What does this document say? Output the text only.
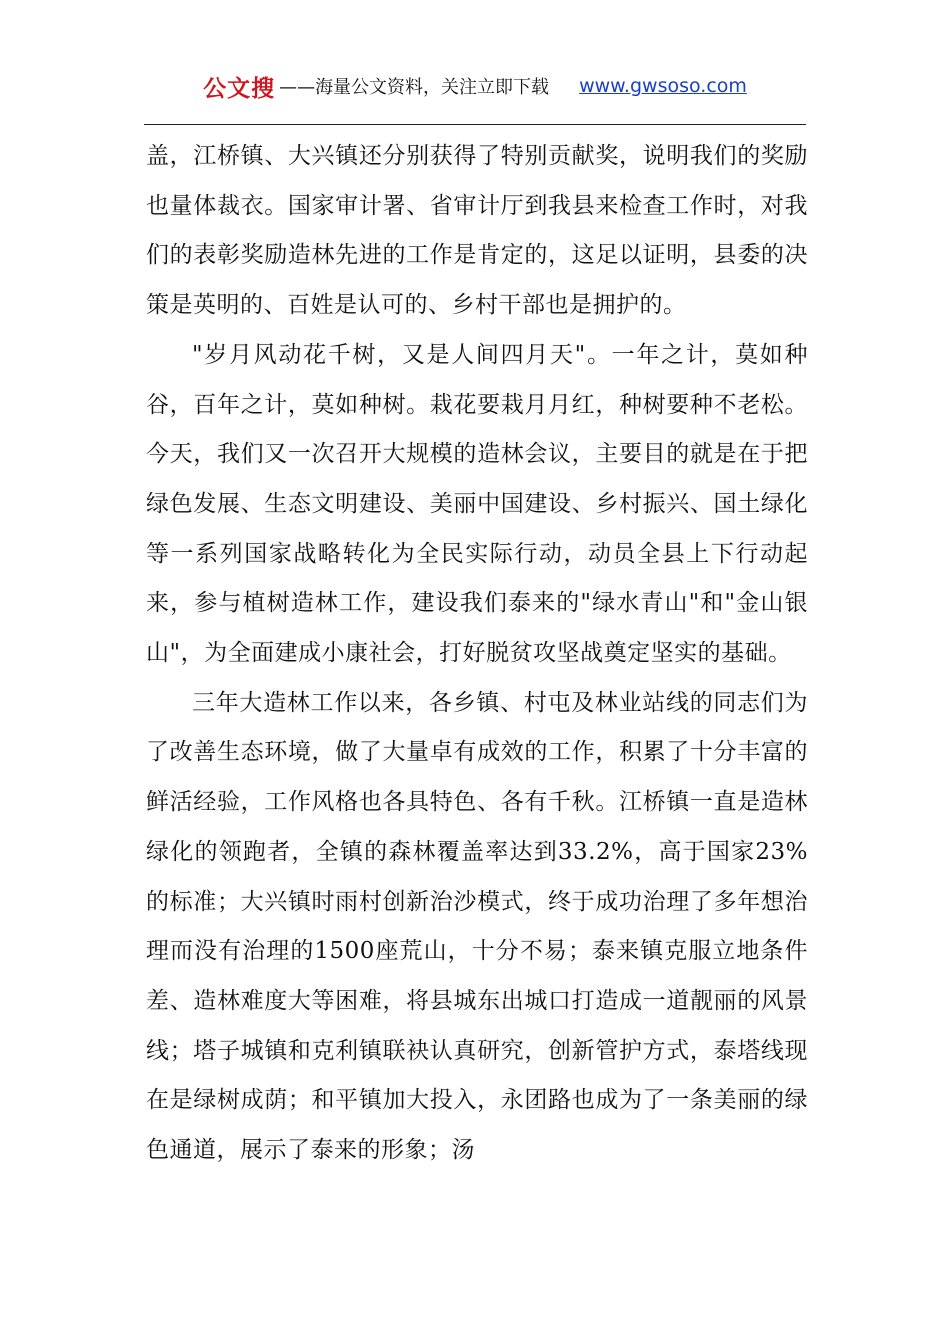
公文搜 ——海量公文资料，关注立即下载 www.gwsoso.com

盖，江桥镇、大兴镇还分别获得了特别贡献奖，说明我们的奖励也量体裁衣。国家审计署、省审计厅到我县来检查工作时，对我们的表彰奖励造林先进的工作是肯定的，这足以证明，县委的决策是英明的、百姓是认可的、乡村干部也是拥护的。

"岁月风动花千树，又是人间四月天"。一年之计，莫如种谷，百年之计，莫如种树。栽花要栽月月红，种树要种不老松。今天，我们又一次召开大规模的造林会议，主要目的就是在于把绿色发展、生态文明建设、美丽中国建设、乡村振兴、国土绿化等一系列国家战略转化为全民实际行动，动员全县上下行动起来，参与植树造林工作，建设我们泰来的"绿水青山"和"金山银山"，为全面建成小康社会，打好脱贫攻坚战奠定坚实的基础。

三年大造林工作以来，各乡镇、村屯及林业站线的同志们为了改善生态环境，做了大量卓有成效的工作，积累了十分丰富的鲜活经验，工作风格也各具特色、各有千秋。江桥镇一直是造林绿化的领跑者，全镇的森林覆盖率达到33.2%，高于国家23%的标准；大兴镇时雨村创新治沙模式，终于成功治理了多年想治理而没有治理的1500座荒山，十分不易；泰来镇克服立地条件差、造林难度大等困难，将县城东出城口打造成一道靓丽的风景线；塔子城镇和克利镇联袂认真研究，创新管护方式，泰塔线现在是绿树成荫；和平镇加大投入，永团路也成为了一条美丽的绿色通道，展示了泰来的形象；汤
